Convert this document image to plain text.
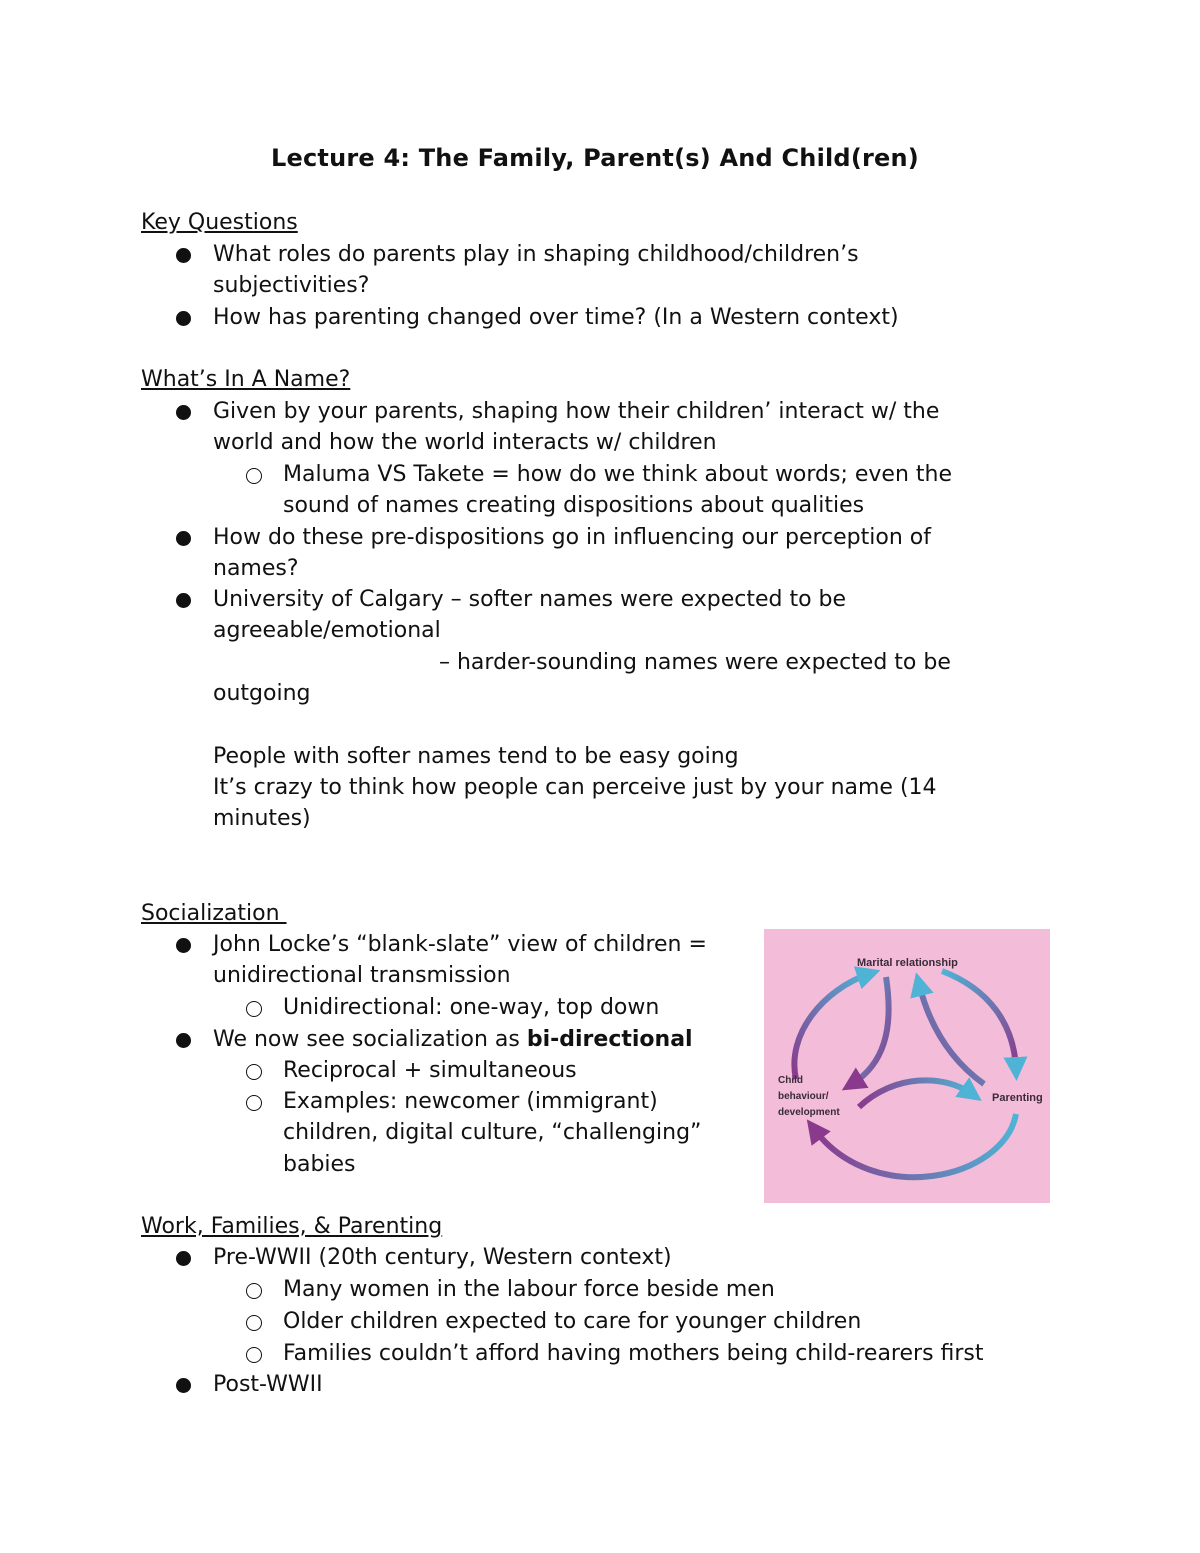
Lecture 4: The Family, Parent(s) And Child(ren)
Key Questions
What roles do parents play in shaping childhood/children’s
subjectivities?
How has parenting changed over time? (In a Western context)
What’s In A Name?
Given by your parents, shaping how their children’ interact w/ the
world and how the world interacts w/ children
Maluma VS Takete = how do we think about words; even the
sound of names creating dispositions about qualities
How do these pre-dispositions go in influencing our perception of
names?
University of Calgary – softer names were expected to be
agreeable/emotional
– harder-sounding names were expected to be
outgoing
People with softer names tend to be easy going
It’s crazy to think how people can perceive just by your name (14
minutes)
Socialization
John Locke’s “blank-slate” view of children =
unidirectional transmission
Unidirectional: one-way, top down
We now see socialization as bi-directional
Reciprocal + simultaneous
Examples: newcomer (immigrant)
children, digital culture, “challenging”
babies
Marital relationship
Child behaviour/ development
Parenting
Work, Families, & Parenting
Pre-WWII (20th century, Western context)
Many women in the labour force beside men
Older children expected to care for younger children
Families couldn’t afford having mothers being child-rearers first
Post-WWII
